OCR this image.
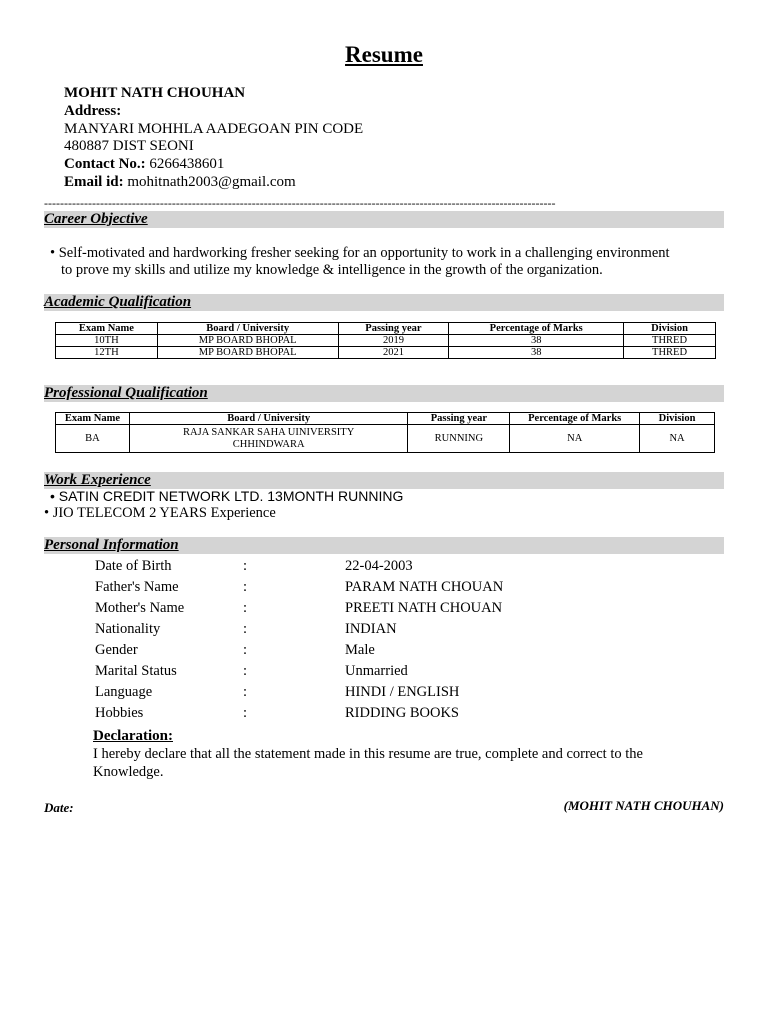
Resume
MOHIT NATH CHOUHAN
Address:
MANYARI MOHHLA AADEGOAN PIN CODE
480887 DIST SEONI
Contact No.: 6266438601
Email id: mohitnath2003@gmail.com
--------------------------------------------------------------------------------------------------------------------------------
Career Objective
• Self-motivated and hardworking fresher seeking for an opportunity to work in a challenging environment
to prove my skills and utilize my knowledge & intelligence in the growth of the organization.
Academic Qualification
Exam Name	Board / University	Passing year	Percentage of Marks	Division
10TH	MP BOARD BHOPAL	2019	38	THRED
12TH	MP BOARD BHOPAL	2021	38	THRED
Professional Qualification
Exam Name	Board / University	Passing year	Percentage of Marks	Division
BA	RAJA SANKAR SAHA UINIVERSITY CHHINDWARA	RUNNING	NA	NA
Work Experience
• SATIN CREDIT NETWORK LTD. 13MONTH RUNNING
• JIO TELECOM 2 YEARS Experience
Personal Information
Date of Birth	:	22-04-2003
Father's Name	:	PARAM NATH CHOUAN
Mother's Name	:	PREETI NATH CHOUAN
Nationality	:	INDIAN
Gender	:	Male
Marital Status	:	Unmarried
Language	:	HINDI / ENGLISH
Hobbies	:	RIDDING BOOKS
Declaration:
I hereby declare that all the statement made in this resume are true, complete and correct to the
Knowledge.
Date:	(MOHIT NATH CHOUHAN)
